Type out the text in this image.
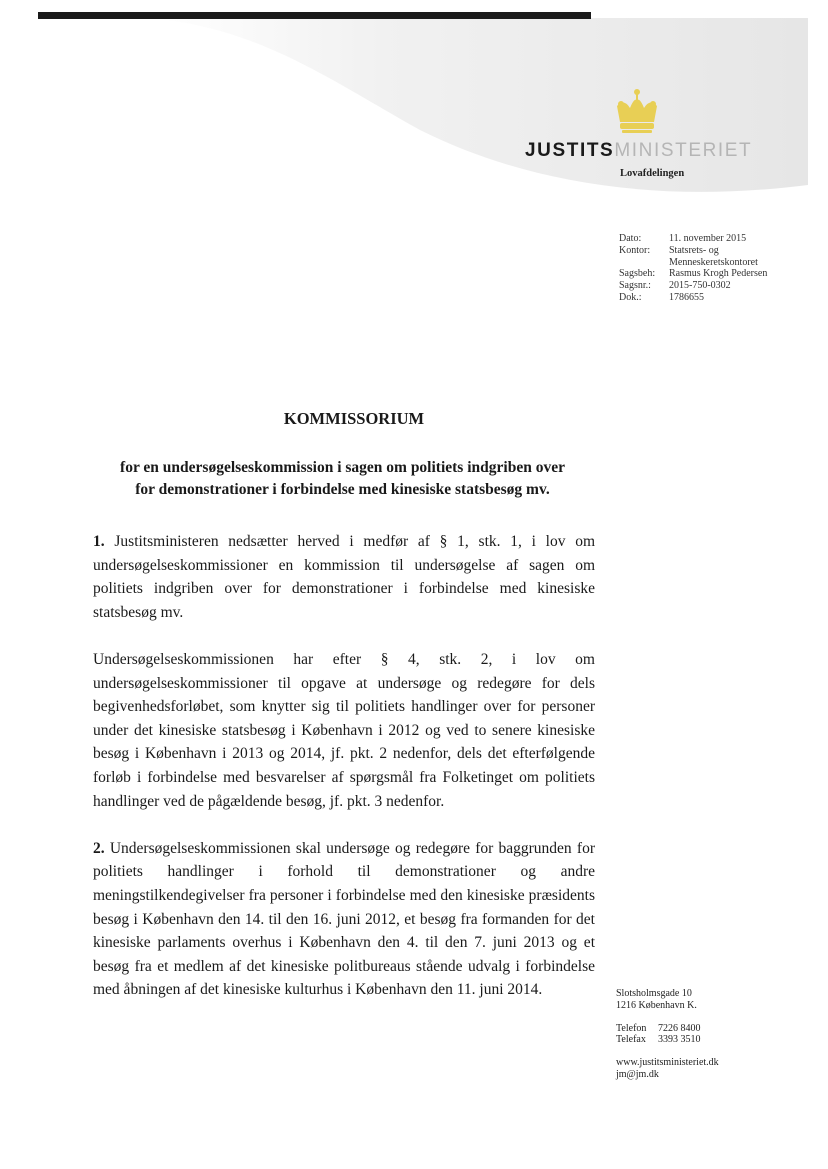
JUSTITSMINISTERIET
Lovafdelingen
Dato:	11. november 2015
Kontor:	Statsrets- og
Menneskeretskontoret
Sagsbeh:	Rasmus Krogh Pedersen
Sagsnr.:	2015-750-0302
Dok.:	1786655
KOMMISSORIUM
for en undersøgelseskommission i sagen om politiets indgriben over
for demonstrationer i forbindelse med kinesiske statsbesøg mv.

1. Justitsministeren nedsætter herved i medfør af § 1, stk. 1, i lov om undersøgelseskommissioner en kommission til undersøgelse af sagen om politiets indgriben over for demonstrationer i forbindelse med kinesiske statsbesøg mv.

Undersøgelseskommissionen har efter § 4, stk. 2, i lov om undersøgelseskommissioner til opgave at undersøge og redegøre for dels begivenhedsforløbet, som knytter sig til politiets handlinger over for personer under det kinesiske statsbesøg i København i 2012 og ved to senere kinesiske besøg i København i 2013 og 2014, jf. pkt. 2 nedenfor, dels det efterfølgende forløb i forbindelse med besvarelser af spørgsmål fra Folketinget om politiets handlinger ved de pågældende besøg, jf. pkt. 3 nedenfor.

2. Undersøgelseskommissionen skal undersøge og redegøre for baggrunden for politiets handlinger i forhold til demonstrationer og andre meningstilkendegivelser fra personer i forbindelse med den kinesiske præsidents besøg i København den 14. til den 16. juni 2012, et besøg fra formanden for det kinesiske parlaments overhus i København den 4. til den 7. juni 2013 og et besøg fra et medlem af det kinesiske politbureaus stående udvalg i forbindelse med åbningen af det kinesiske kulturhus i København den 11. juni 2014.	Slotsholmsgade 10
1216 København K.
Telefon	7226 8400
Telefax	3393 3510
www.justitsministeriet.dk
jm@jm.dk
